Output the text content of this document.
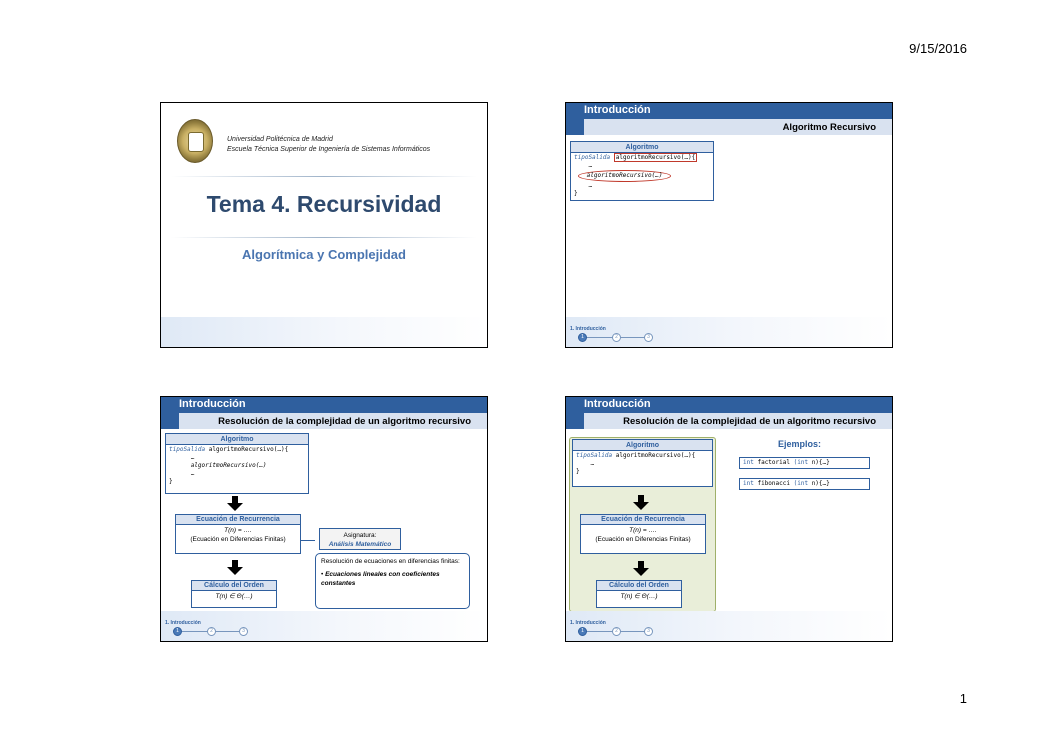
9/15/2016
Universidad Politécnica de Madrid
Escuela Técnica Superior de Ingeniería de Sistemas Informáticos
Tema 4. Recursividad
Algorítmica y Complejidad
Introducción
Algoritmo Recursivo
Algoritmo
tipoSalida algoritmoRecursivo(…){
…
algoritmoRecursivo(…)
…
}
1. Introducción
1	2	3
Introducción
Resolución de la complejidad de un algoritmo recursivo
Algoritmo
tipoSalida algoritmoRecursivo(…){
…
algoritmoRecursivo(…)
…
}
Ecuación de Recurrencia
T(n) = ….
(Ecuación en Diferencias Finitas)
Asignatura:
Análisis Matemático
Resolución de ecuaciones en diferencias finitas:
• Ecuaciones lineales con coeficientes constantes
Cálculo del Orden
T(n) ∈ Θ(…)
1. Introducción
1	2	3
Introducción
Resolución de la complejidad de un algoritmo recursivo
Algoritmo
tipoSalida algoritmoRecursivo(…){
…
}
Ecuación de Recurrencia
T(n) = ….
(Ecuación en Diferencias Finitas)
Cálculo del Orden
T(n) ∈ Θ(…)
Ejemplos:
int factorial (int n){…}
int fibonacci (int n){…}
1. Introducción
1	2	3
1
